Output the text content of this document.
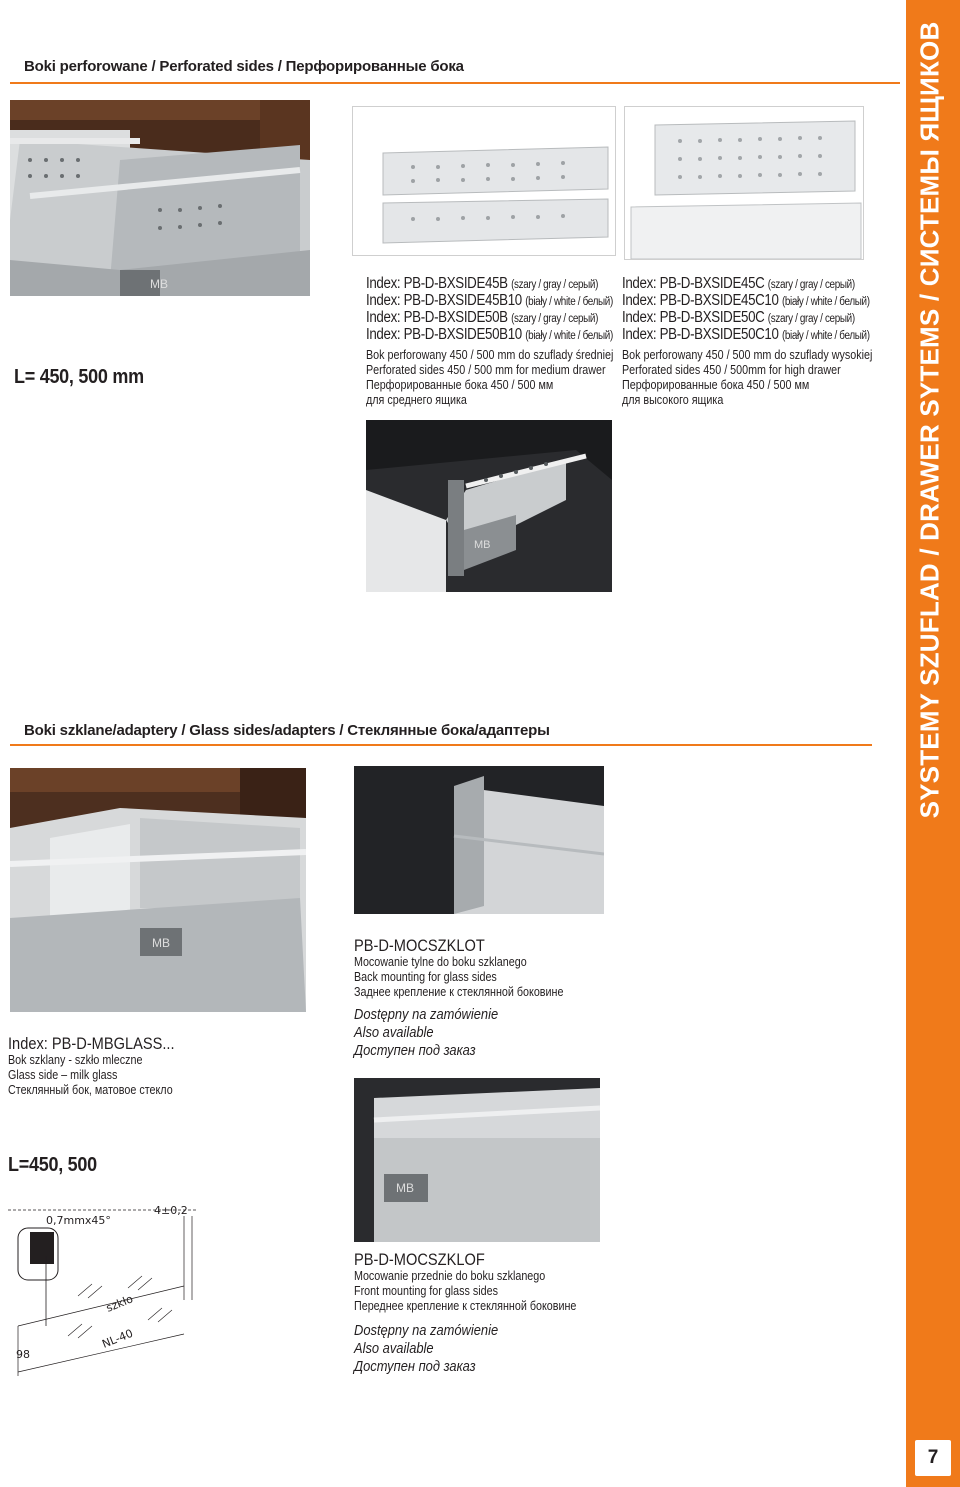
Boki perforowane / Perforated sides / Перфорированные бока
MB
L= 450, 500 mm
Index: PB-D-BXSIDE45B (szary / gray / серый)
Index: PB-D-BXSIDE45B10 (biały / white / белый)
Index: PB-D-BXSIDE50B (szary / gray / серый)
Index: PB-D-BXSIDE50B10 (biały / white / белый)
Bok perforowany 450 / 500 mm do szuflady średniej
Perforated sides 450 / 500 mm for medium drawer
Перфорированные бока 450 / 500 мм
для среднего ящика
Index: PB-D-BXSIDE45C (szary / gray / серый)
Index: PB-D-BXSIDE45C10 (biały / white / белый)
Index: PB-D-BXSIDE50C (szary / gray / серый)
Index: PB-D-BXSIDE50C10 (biały / white / белый)
Bok perforowany 450 / 500 mm do szuflady wysokiej
Perforated sides 450 / 500mm for high drawer
Перфорированные бока 450 / 500 мм
для высокого ящика
MB
Boki szklane/adaptery / Glass sides/adapters / Стеклянные бока/адаптеры
MB	PB-D-MOCSZKLOT
Mocowanie tylne do boku szklanego
Back mounting for glass sides
Заднее крепление к стеклянной боковине
Dostępny na zamówienie
Also available
Доступен под заказ
Index: PB-D-MBGLASS...
Bok szklany - szkło mleczne
Glass side – milk glass
Стеклянный бок, матовое стекло
L=450, 500
0,7mmx45°
4±0,2
98
szkło
NL-40
MB
PB-D-MOCSZKLOF
Mocowanie przednie do boku szklanego
Front mounting for glass sides
Переднее крепление к стеклянной боковине
Dostępny na zamówienie
Also available
Доступен под заказ
SYSTEMY SZUFLAD / DRAWER SYTEMS / СИСТЕМЫ ЯЩИКОВ
7
